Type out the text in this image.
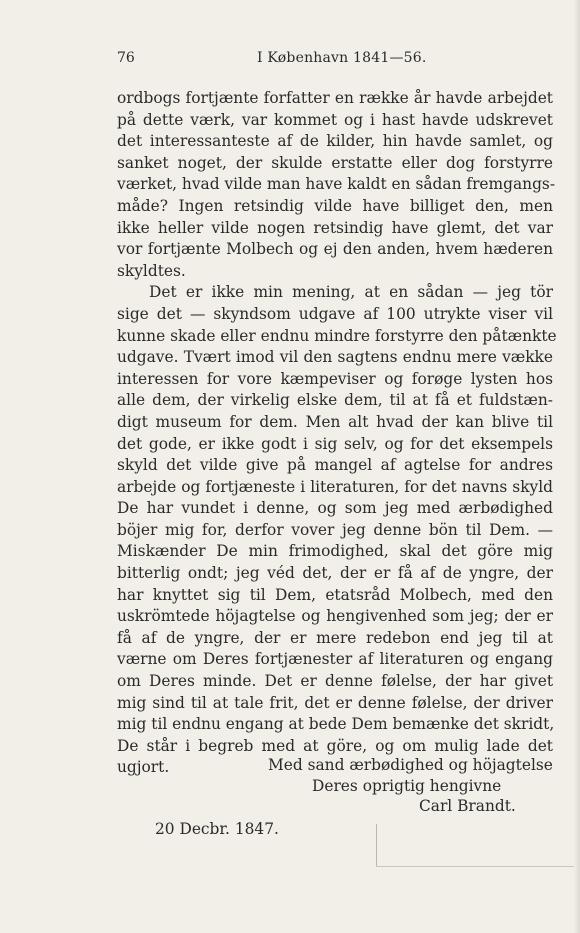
76	I København 1841—56.
ordbogs fortjænte forfatter en række år havde arbejdet
på dette værk, var kommet og i hast havde udskrevet
det interessanteste af de kilder, hin havde samlet, og
sanket noget, der skulde erstatte eller dog forstyrre
værket, hvad vilde man have kaldt en sådan fremgangs-
måde? Ingen retsindig vilde have billiget den, men
ikke heller vilde nogen retsindig have glemt, det var
vor fortjænte Molbech og ej den anden, hvem hæderen
skyldtes.
Det er ikke min mening, at en sådan — jeg tör
sige det — skyndsom udgave af 100 utrykte viser vil
kunne skade eller endnu mindre forstyrre den påtænkte
udgave. Tvært imod vil den sagtens endnu mere vække
interessen for vore kæmpeviser og forøge lysten hos
alle dem, der virkelig elske dem, til at få et fuldstæn-
digt museum for dem. Men alt hvad der kan blive til
det gode, er ikke godt i sig selv, og for det eksempels
skyld det vilde give på mangel af agtelse for andres
arbejde og fortjæneste i literaturen, for det navns skyld
De har vundet i denne, og som jeg med ærbødighed
böjer mig for, derfor vover jeg denne bön til Dem. —
Miskænder De min frimodighed, skal det göre mig
bitterlig ondt; jeg véd det, der er få af de yngre, der
har knyttet sig til Dem, etatsråd Molbech, med den
uskrömtede höjagtelse og hengivenhed som jeg; der er
få af de yngre, der er mere redebon end jeg til at
værne om Deres fortjænester af literaturen og engang
om Deres minde. Det er denne følelse, der har givet
mig sind til at tale frit, det er denne følelse, der driver
mig til endnu engang at bede Dem bemænke det skridt,
De står i begreb med at göre, og om mulig lade det
ugjort.	Med sand ærbødighed og höjagtelse
Deres oprigtig hengivne
Carl Brandt.
20 Decbr. 1847.
